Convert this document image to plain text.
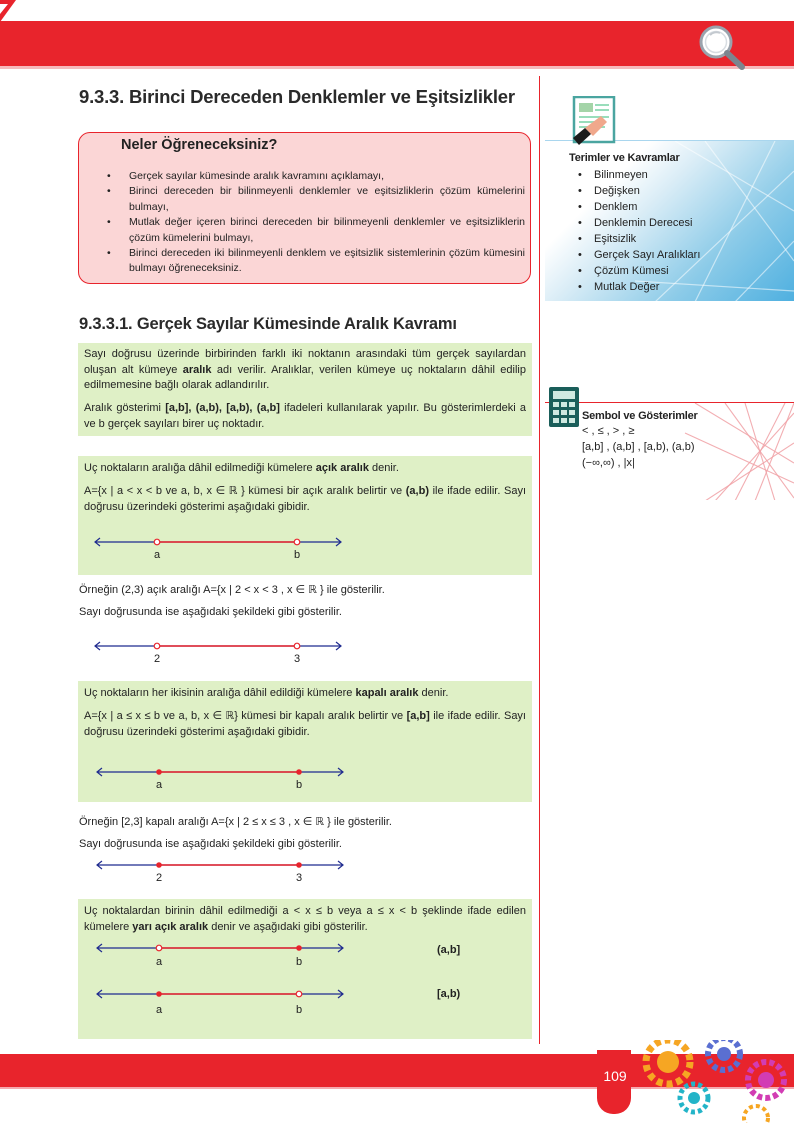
9.3.3. Birinci Dereceden Denklemler ve Eşitsizlikler
Neler Öğreneceksiniz?
• Gerçek sayılar kümesinde aralık kavramını açıklamayı,
• Birinci dereceden bir bilinmeyenli denklemler ve eşitsizliklerin çözüm kümelerini bulmayı,
• Mutlak değer içeren birinci dereceden bir bilinmeyenli denklemler ve eşitsizliklerin çözüm kümelerini bulmayı,
• Birinci dereceden iki bilinmeyenli denklem ve eşitsizlik sistemlerinin çözüm kümesini bulmayı öğreneceksiniz.
9.3.3.1. Gerçek Sayılar Kümesinde Aralık Kavramı
Sayı doğrusu üzerinde birbirinden farklı iki noktanın arasındaki tüm gerçek sayılardan oluşan alt kümeye aralık adı verilir. Aralıklar, verilen kümeye uç noktaların dâhil edilip edilmemesine bağlı olarak adlandırılır.
Aralık gösterimi [a,b], (a,b), [a,b), (a,b] ifadeleri kullanılarak yapılır. Bu gösterimlerdeki a ve b gerçek sayıları birer uç noktadır.
Uç noktaların aralığa dâhil edilmediği kümelere açık aralık denir.
A={x | a < x < b ve a, b, x ∈ ℝ } kümesi bir açık aralık belirtir ve (a,b) ile ifade edilir. Sayı doğrusu üzerindeki gösterimi aşağıdaki gibidir.
a	b
Örneğin (2,3) açık aralığı A={x | 2 < x < 3 , x ∈ ℝ } ile gösterilir.
Sayı doğrusunda ise aşağıdaki şekildeki gibi gösterilir.
2	3
Uç noktaların her ikisinin aralığa dâhil edildiği kümelere kapalı aralık denir.
A={x | a ≤ x ≤ b ve a, b, x ∈ ℝ} kümesi bir kapalı aralık belirtir ve [a,b] ile ifade edilir. Sayı doğrusu üzerindeki gösterimi aşağıdaki gibidir.
a	b
Örneğin [2,3] kapalı aralığı A={x | 2 ≤ x ≤ 3 , x ∈ ℝ } ile gösterilir.
Sayı doğrusunda ise aşağıdaki şekildeki gibi gösterilir.
2	3
Uç noktalardan birinin dâhil edilmediği a < x ≤ b veya a ≤ x < b şeklinde ifade edilen kümelere yarı açık aralık denir ve aşağıdaki gibi gösterilir.
a	b
(a,b]
a	b
[a,b)
Terimler ve Kavramlar
• Bilinmeyen
• Değişken
• Denklem
• Denklemin Derecesi
• Eşitsizlik
• Gerçek Sayı Aralıkları
• Çözüm Kümesi
• Mutlak Değer
Sembol ve Gösterimler
< , ≤ , > , ≥
[a,b] , (a,b] , [a,b), (a,b)
(−∞,∞) , |x|
109
